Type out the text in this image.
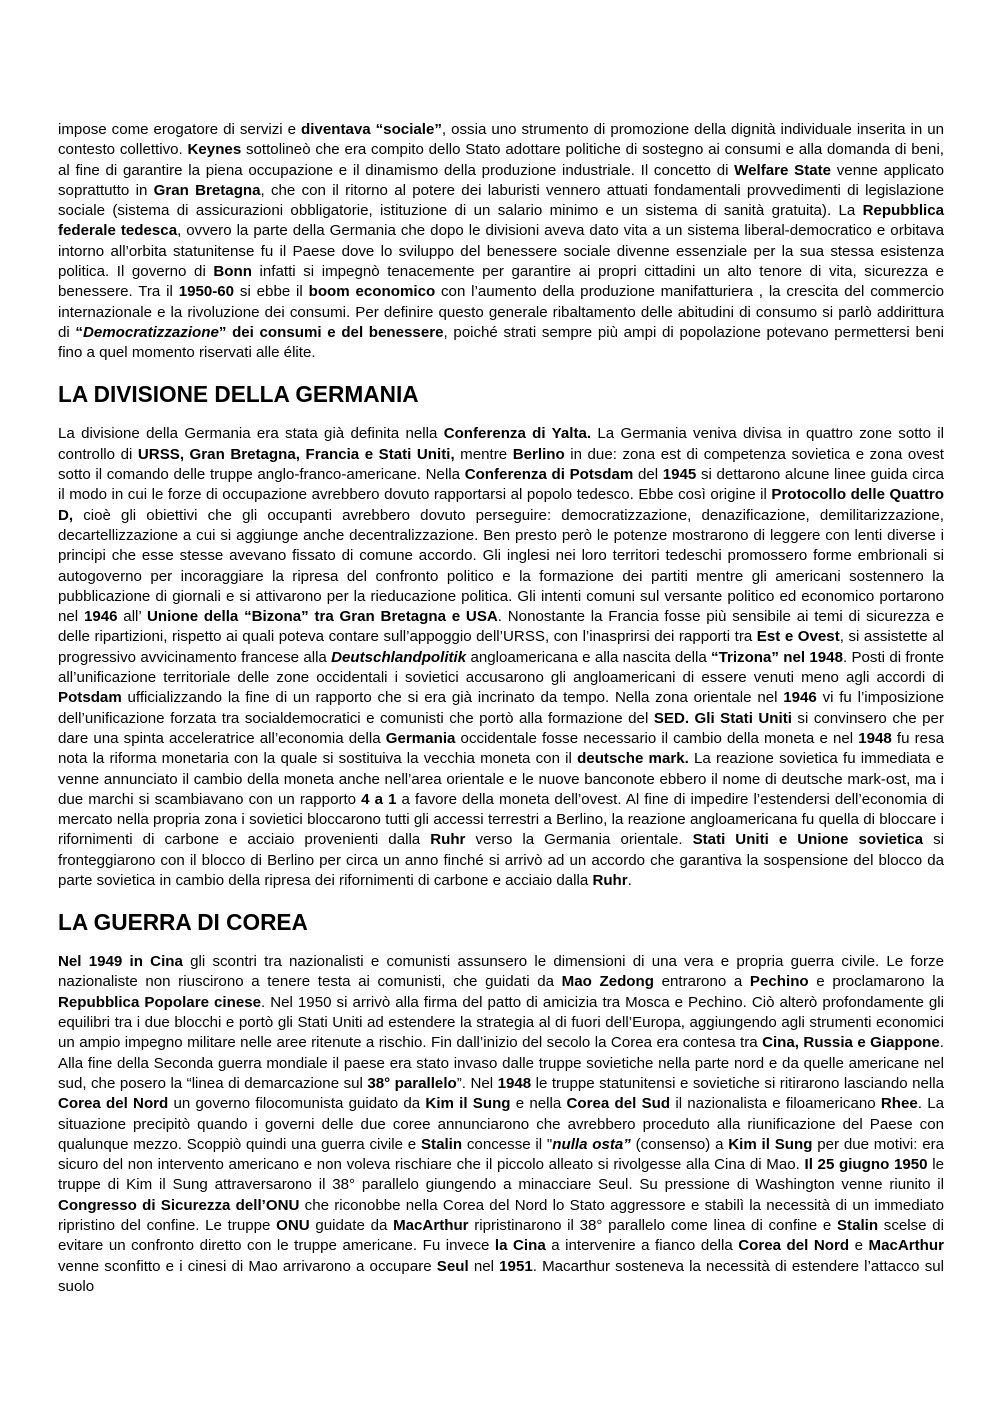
impose come erogatore di servizi e diventava “sociale”, ossia uno strumento di promozione della dignità individuale inserita in un contesto collettivo. Keynes sottolineò che era compito dello Stato adottare politiche di sostegno ai consumi e alla domanda di beni, al fine di garantire la piena occupazione e il dinamismo della produzione industriale. Il concetto di Welfare State venne applicato soprattutto in Gran Bretagna, che con il ritorno al potere dei laburisti vennero attuati fondamentali provvedimenti di legislazione sociale (sistema di assicurazioni obbligatorie, istituzione di un salario minimo e un sistema di sanità gratuita). La Repubblica federale tedesca, ovvero la parte della Germania che dopo le divisioni aveva dato vita a un sistema liberal-democratico e orbitava intorno all’orbita statunitense fu il Paese dove lo sviluppo del benessere sociale divenne essenziale per la sua stessa esistenza politica. Il governo di Bonn infatti si impegnò tenacemente per garantire ai propri cittadini un alto tenore di vita, sicurezza e benessere. Tra il 1950-60 si ebbe il boom economico con l’aumento della produzione manifatturiera , la crescita del commercio internazionale e la rivoluzione dei consumi. Per definire questo generale ribaltamento delle abitudini di consumo si parlò addirittura di “Democratizzazione” dei consumi e del benessere, poiché strati sempre più ampi di popolazione potevano permettersi beni fino a quel momento riservati alle élite.

LA DIVISIONE DELLA GERMANIA

La divisione della Germania era stata già definita nella Conferenza di Yalta. La Germania veniva divisa in quattro zone sotto il controllo di URSS, Gran Bretagna, Francia e Stati Uniti, mentre Berlino in due: zona est di competenza sovietica e zona ovest sotto il comando delle truppe anglo-franco-americane. Nella Conferenza di Potsdam del 1945 si dettarono alcune linee guida circa il modo in cui le forze di occupazione avrebbero dovuto rapportarsi al popolo tedesco. Ebbe così origine il Protocollo delle Quattro D, cioè gli obiettivi che gli occupanti avrebbero dovuto perseguire: democratizzazione, denazificazione, demilitarizzazione, decartellizzazione a cui si aggiunge anche decentralizzazione. Ben presto però le potenze mostrarono di leggere con lenti diverse i principi che esse stesse avevano fissato di comune accordo. Gli inglesi nei loro territori tedeschi promossero forme embrionali si autogoverno per incoraggiare la ripresa del confronto politico e la formazione dei partiti mentre gli americani sostennero la pubblicazione di giornali e si attivarono per la rieducazione politica. Gli intenti comuni sul versante politico ed economico portarono nel 1946 all’ Unione della “Bizona” tra Gran Bretagna e USA. Nonostante la Francia fosse più sensibile ai temi di sicurezza e delle ripartizioni, rispetto ai quali poteva contare sull’appoggio dell’URSS, con l’inasprirsi dei rapporti tra Est e Ovest, si assistette al progressivo avvicinamento francese alla Deutschlandpolitik angloamericana e alla nascita della “Trizona” nel 1948. Posti di fronte all’unificazione territoriale delle zone occidentali i sovietici accusarono gli angloamericani di essere venuti meno agli accordi di Potsdam ufficializzando la fine di un rapporto che si era già incrinato da tempo. Nella zona orientale nel 1946 vi fu l’imposizione dell’unificazione forzata tra socialdemocratici e comunisti che portò alla formazione del SED. Gli Stati Uniti si convinsero che per dare una spinta acceleratrice all’economia della Germania occidentale fosse necessario il cambio della moneta e nel 1948 fu resa nota la riforma monetaria con la quale si sostituiva la vecchia moneta con il deutsche mark. La reazione sovietica fu immediata e venne annunciato il cambio della moneta anche nell’area orientale e le nuove banconote ebbero il nome di deutsche mark-ost, ma i due marchi si scambiavano con un rapporto 4 a 1 a favore della moneta dell’ovest. Al fine di impedire l’estendersi dell’economia di mercato nella propria zona i sovietici bloccarono tutti gli accessi terrestri a Berlino, la reazione angloamericana fu quella di bloccare i rifornimenti di carbone e acciaio provenienti dalla Ruhr verso la Germania orientale. Stati Uniti e Unione sovietica si fronteggiarono con il blocco di Berlino per circa un anno finché si arrivò ad un accordo che garantiva la sospensione del blocco da parte sovietica in cambio della ripresa dei rifornimenti di carbone e acciaio dalla Ruhr.

LA GUERRA DI COREA

Nel 1949 in Cina gli scontri tra nazionalisti e comunisti assunsero le dimensioni di una vera e propria guerra civile. Le forze nazionaliste non riuscirono a tenere testa ai comunisti, che guidati da Mao Zedong entrarono a Pechino e proclamarono la Repubblica Popolare cinese. Nel 1950 si arrivò alla firma del patto di amicizia tra Mosca e Pechino. Ciò alterò profondamente gli equilibri tra i due blocchi e portò gli Stati Uniti ad estendere la strategia al di fuori dell’Europa, aggiungendo agli strumenti economici un ampio impegno militare nelle aree ritenute a rischio. Fin dall’inizio del secolo la Corea era contesa tra Cina, Russia e Giappone. Alla fine della Seconda guerra mondiale il paese era stato invaso dalle truppe sovietiche nella parte nord e da quelle americane nel sud, che posero la “linea di demarcazione sul 38° parallelo”. Nel 1948 le truppe statunitensi e sovietiche si ritirarono lasciando nella Corea del Nord un governo filocomunista guidato da Kim il Sung e nella Corea del Sud il nazionalista e filoamericano Rhee. La situazione precipitò quando i governi delle due coree annunciarono che avrebbero proceduto alla riunificazione del Paese con qualunque mezzo. Scoppiò quindi una guerra civile e Stalin concesse il "nulla osta” (consenso) a Kim il Sung per due motivi: era sicuro del non intervento americano e non voleva rischiare che il piccolo alleato si rivolgesse alla Cina di Mao. Il 25 giugno 1950 le truppe di Kim il Sung attraversarono il 38° parallelo giungendo a minacciare Seul. Su pressione di Washington venne riunito il Congresso di Sicurezza dell’ONU che riconobbe nella Corea del Nord lo Stato aggressore e stabilì la necessità di un immediato ripristino del confine. Le truppe ONU guidate da MacArthur ripristinarono il 38° parallelo come linea di confine e Stalin scelse di evitare un confronto diretto con le truppe americane. Fu invece la Cina a intervenire a fianco della Corea del Nord e MacArthur venne sconfitto e i cinesi di Mao arrivarono a occupare Seul nel 1951. Macarthur sosteneva la necessità di estendere l’attacco sul suolo
